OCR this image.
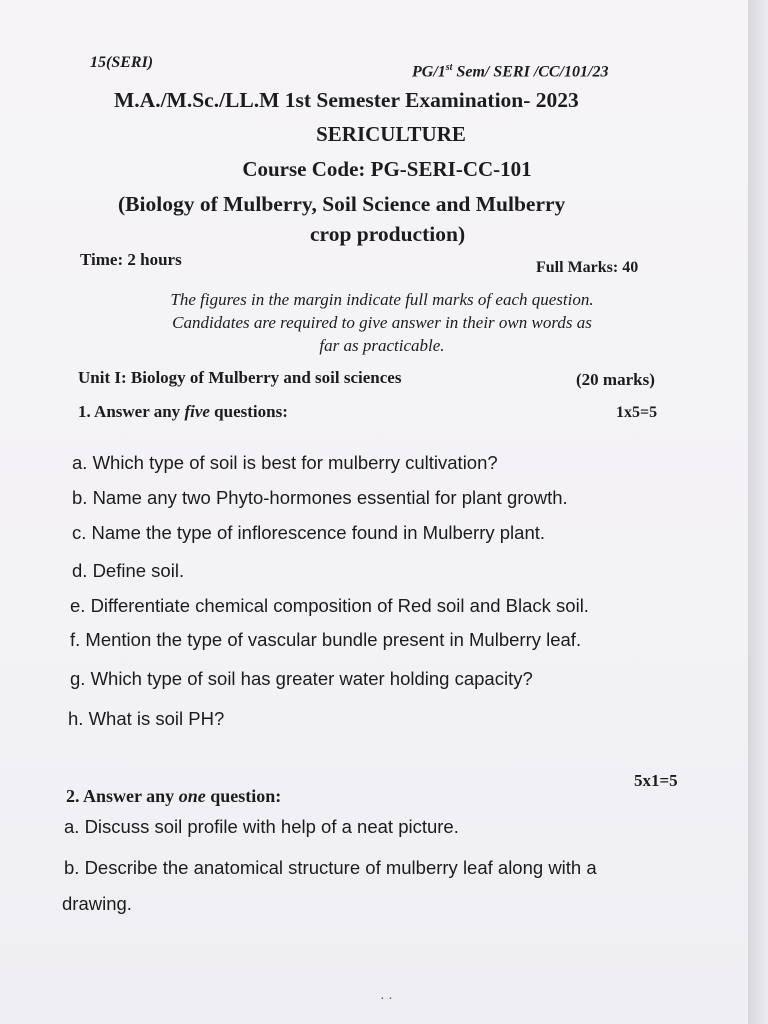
15(SERI)
PG/1st Sem/ SERI /CC/101/23
M.A./M.Sc./LL.M 1st Semester Examination- 2023
SERICULTURE
Course Code: PG-SERI-CC-101
(Biology of Mulberry, Soil Science and Mulberry
crop production)
Time: 2 hours	Full Marks: 40
The figures in the margin indicate full marks of each question.
Candidates are required to give answer in their own words as
far as practicable.
Unit I: Biology of Mulberry and soil sciences	(20 marks)
1. Answer any five questions:	1x5=5
a. Which type of soil is best for mulberry cultivation?
b. Name any two Phyto-hormones essential for plant growth.
c. Name the type of inflorescence found in Mulberry plant.
d. Define soil.
e. Differentiate chemical composition of Red soil and Black soil.
f. Mention the type of vascular bundle present in Mulberry leaf.
g. Which type of soil has greater water holding capacity?
h. What is soil PH?
5x1=5
2. Answer any one question:
a. Discuss soil profile with help of a neat picture.
b. Describe the anatomical structure of mulberry leaf along with a
drawing.
· ·
